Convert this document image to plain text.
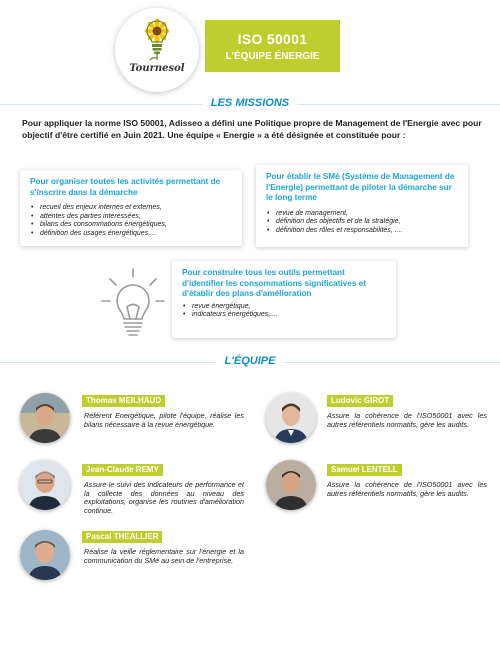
Tournesol
ISO 50001
L'ÉQUIPE ÉNERGIE
LES MISSIONS
Pour appliquer la norme ISO 50001, Adisseo a défini une Politique propre de Management de l'Energie avec pour objectif d'être certifié en Juin 2021. Une équipe « Energie » a été désignée et constituée pour :
Pour organiser toutes les activités permettant de s'inscrire dans la démarche
• recueil des enjeux internes et externes,
• attentes des parties intéressées,
• bilans des consommations énergétiques,
• définition des usages énergétiques,...
Pour établir le SMé (Système de Management de l'Energie) permettant de piloter la démarche sur le long terme
• revue de management,
• définition des objectifs et de la stratégie,
• définition des rôles et responsabilités, ....
Pour construire tous les outils permettant d'identifier les consommations significatives et d'établir des plans d'amélioration
• revue énergétique,
• indicateurs énergétiques,....
L'ÉQUIPE
Thomas MEILHAUD
Référent Energétique, pilote l'équipe, réalise les bilans nécessaire à la revue énergétique.
Ludovic GIROT
Assure la cohérence de l'ISO50001 avec les autres référentiels normatifs, gère les audits.
Jean-Claude REMY
Assure le suivi des indicateurs de performance et la collecte des données au niveau des exploitations, organise les routines d'amélioration continue.
Samuel LENTELL
Assure la cohérence de l'ISO50001 avec les autres référentiels normatifs, gère les audits.
Pascal THEALLIER
Réalise la veille réglementaire sur l'énergie et la communication du SMé au sein de l'entreprise.
